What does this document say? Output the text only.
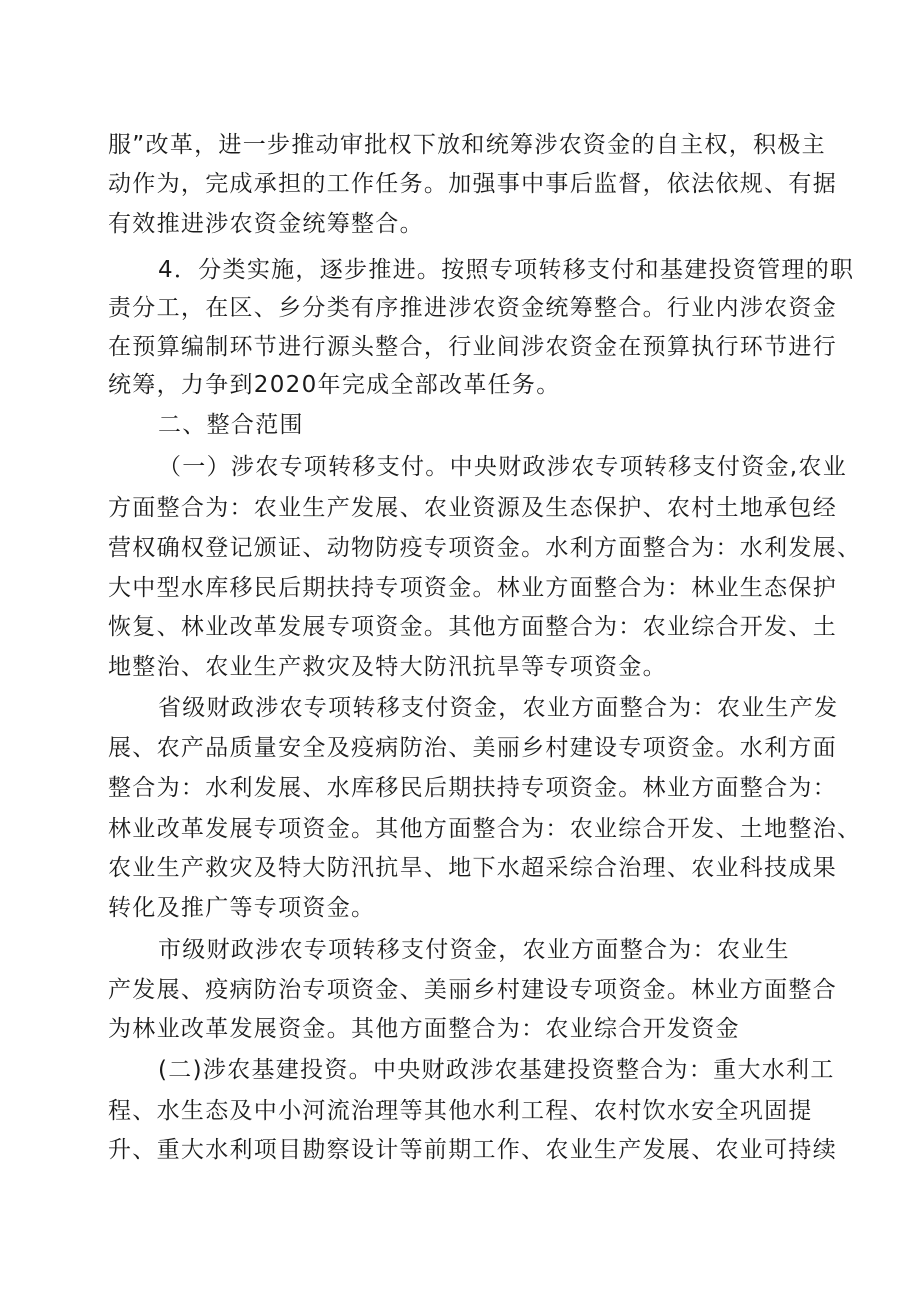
服”改革，进一步推动审批权下放和统筹涉农资金的自主权，积极主
动作为，完成承担的工作任务。加强事中事后监督，依法依规、有据
有效推进涉农资金统筹整合。
4．分类实施，逐步推进。按照专项转移支付和基建投资管理的职
责分工，在区、乡分类有序推进涉农资金统筹整合。行业内涉农资金
在预算编制环节进行源头整合，行业间涉农资金在预算执行环节进行
统筹，力争到2020年完成全部改革任务。
二、整合范围
（一）涉农专项转移支付。中央财政涉农专项转移支付资金,农业
方面整合为：农业生产发展、农业资源及生态保护、农村土地承包经
营权确权登记颁证、动物防疫专项资金。水利方面整合为：水利发展、
大中型水库移民后期扶持专项资金。林业方面整合为：林业生态保护
恢复、林业改革发展专项资金。其他方面整合为：农业综合开发、土
地整治、农业生产救灾及特大防汛抗旱等专项资金。
省级财政涉农专项转移支付资金，农业方面整合为：农业生产发
展、农产品质量安全及疫病防治、美丽乡村建设专项资金。水利方面
整合为：水利发展、水库移民后期扶持专项资金。林业方面整合为：
林业改革发展专项资金。其他方面整合为：农业综合开发、土地整治、
农业生产救灾及特大防汛抗旱、地下水超采综合治理、农业科技成果
转化及推广等专项资金。
市级财政涉农专项转移支付资金，农业方面整合为：农业生
产发展、疫病防治专项资金、美丽乡村建设专项资金。林业方面整合
为林业改革发展资金。其他方面整合为：农业综合开发资金
(二)涉农基建投资。中央财政涉农基建投资整合为：重大水利工
程、水生态及中小河流治理等其他水利工程、农村饮水安全巩固提
升、重大水利项目勘察设计等前期工作、农业生产发展、农业可持续
